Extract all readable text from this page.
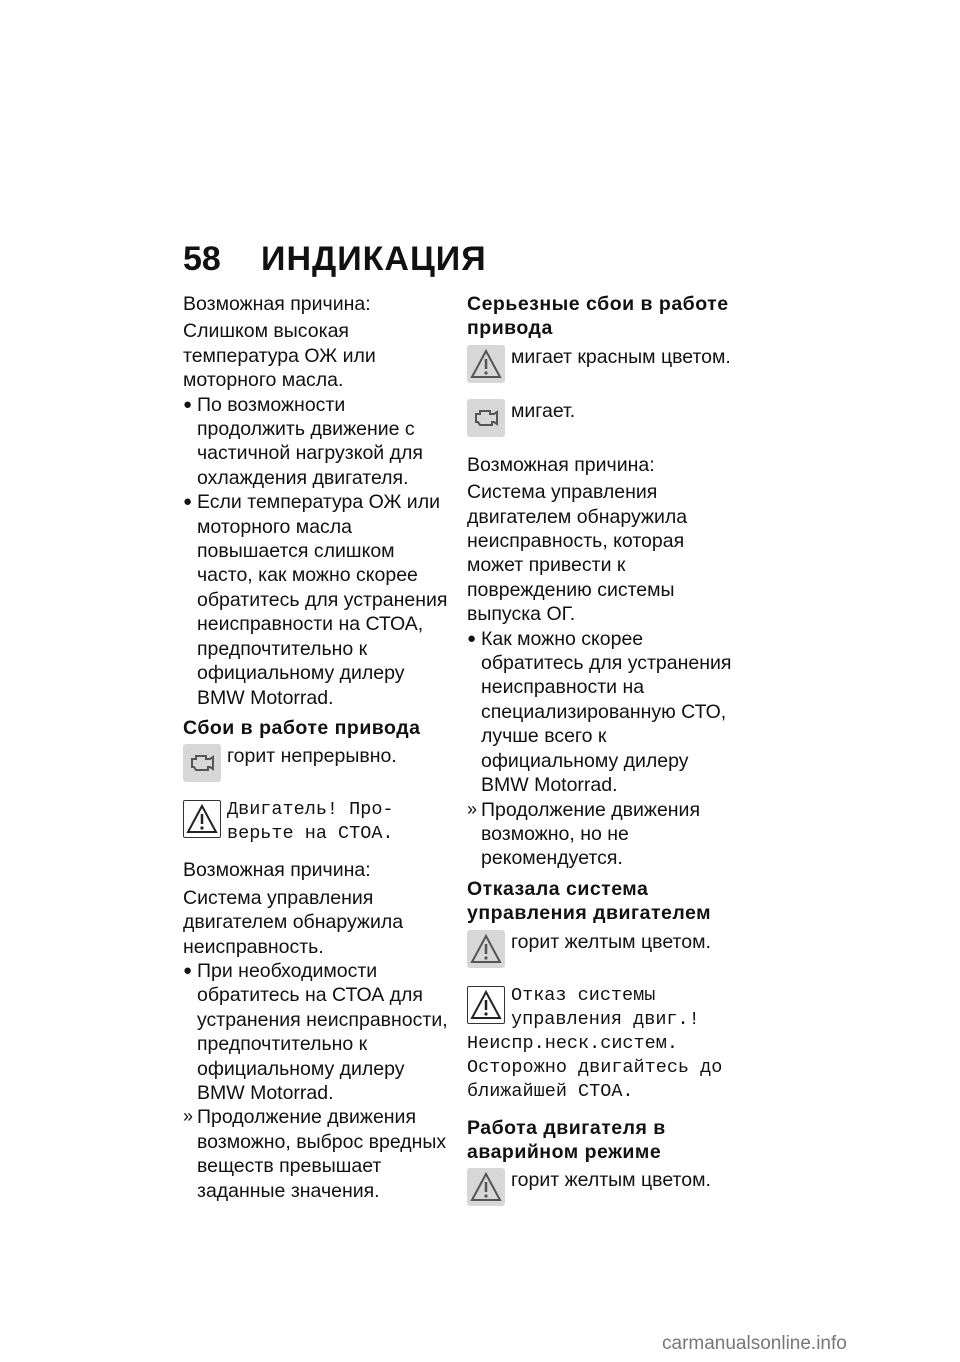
58	ИНДИКАЦИЯ

Возможная причина:

Слишком высокая температура ОЖ или моторного масла.

● По возможности продолжить движение с частичной нагрузкой для охлаждения двигателя.
● Если температура ОЖ или моторного масла повышается слишком часто, как можно скорее обратитесь для устранения неисправности на СТОА, предпочтительно к официальному дилеру BMW Motorrad.
Сбои в работе привода
горит непрерывно.
Двигатель! Про-
верьте на СТОА.

Возможная причина:

Система управления двигателем обнаружила неисправность.

● При необходимости обратитесь на СТОА для устранения неисправности, предпочтительно к официальному дилеру BMW Motorrad.
» Продолжение движения возможно, выброс вредных веществ превышает заданные значения.
Серьезные сбои в работе привода
мигает красным цветом.
мигает.

Возможная причина:

Система управления двигателем обнаружила неисправность, которая может привести к повреждению системы выпуска ОГ.

● Как можно скорее обратитесь для устранения неисправности на специализированную СТО, лучше всего к официальному дилеру BMW Motorrad.
» Продолжение движения возможно, но не рекомендуется.
Отказала система управления двигателем
горит желтым цветом.
Отказ системы
управления двиг.!
Неиспр.неск.систем.
Осторожно двигайтесь до
ближайшей СТОА.
Работа двигателя в аварийном режиме
горит желтым цветом.
carmanualsonline.info
